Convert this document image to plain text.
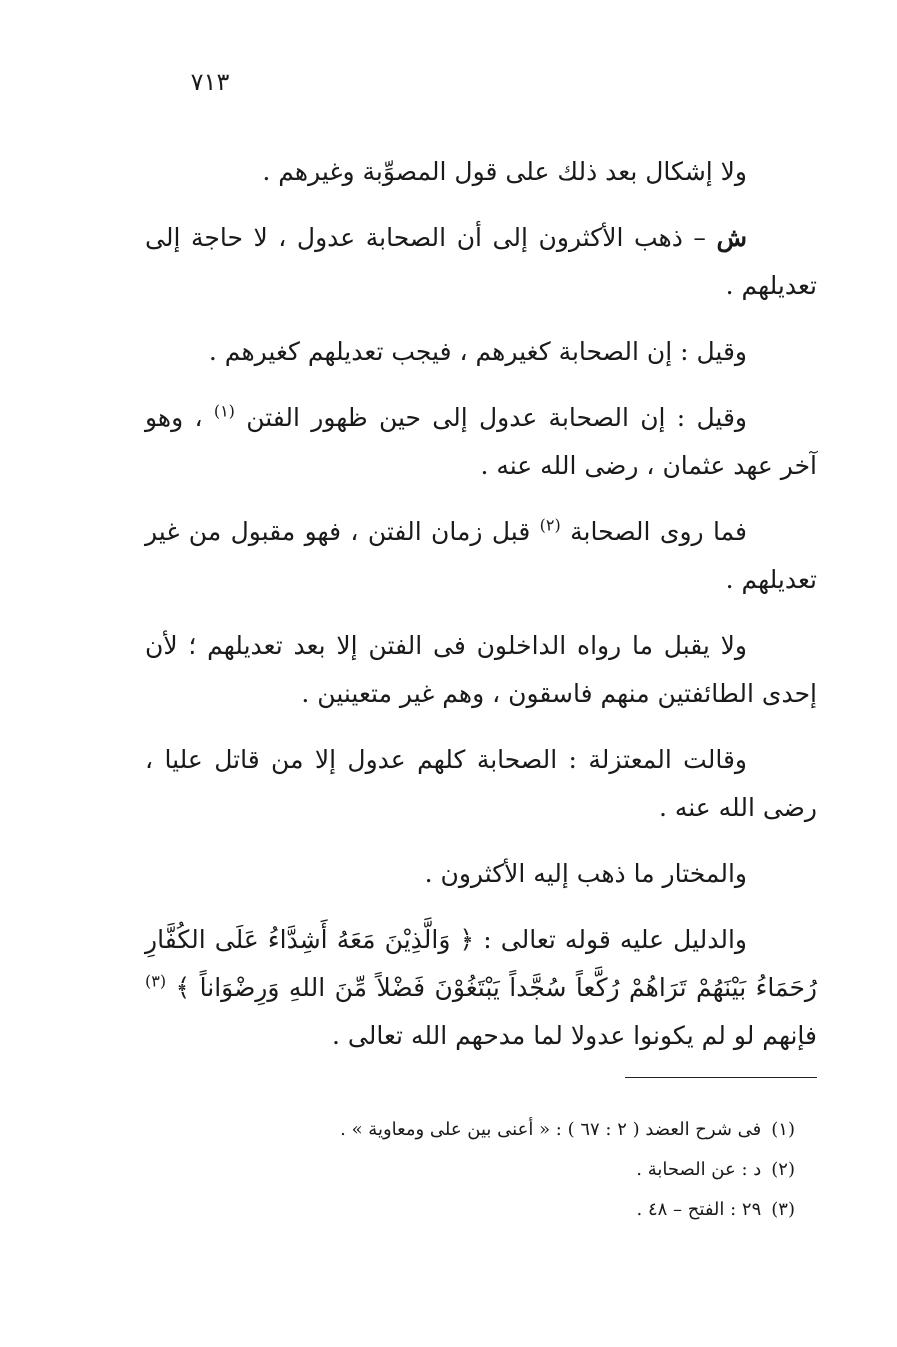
٧١٣

ولا إشكال بعد ذلك على قول المصوِّبة وغيرهم .

ش – ذهب الأكثرون إلى أن الصحابة عدول ، لا حاجة إلى تعديلهم .

وقيل : إن الصحابة كغيرهم ، فيجب تعديلهم كغيرهم .

وقيل : إن الصحابة عدول إلى حين ظهور الفتن $^{(١)}$ ، وهو آخر عهد عثمان ، رضى الله عنه .

فما روى الصحابة $^{(٢)}$ قبل زمان الفتن ، فهو مقبول من غير تعديلهم .

ولا يقبل ما رواه الداخلون فى الفتن إلا بعد تعديلهم ؛ لأن إحدى الطائفتين منهم فاسقون ، وهم غير متعينين .

وقالت المعتزلة : الصحابة كلهم عدول إلا من قاتل عليا ، رضى الله عنه .

والمختار ما ذهب إليه الأكثرون .

والدليل عليه قوله تعالى : ﴿ وَالَّذِيْنَ مَعَهُ أَشِدَّاءُ عَلَى الكُفَّارِ رُحَمَاءُ بَيْنَهُمْ تَرَاهُمْ رُكَّعاً سُجَّداً يَبْتَغُوْنَ فَضْلاً مِّنَ اللهِ وَرِضْوَاناً ﴾ $^{(٣)}$ فإنهم لو لم يكونوا عدولا لما مدحهم الله تعالى .

(١)فى شرح العضد ( ٢ : ٦٧ ) : « أعنى بين على ومعاوية » .

(٢)د : عن الصحابة .

(٣)٢٩ : الفتح – ٤٨ .
